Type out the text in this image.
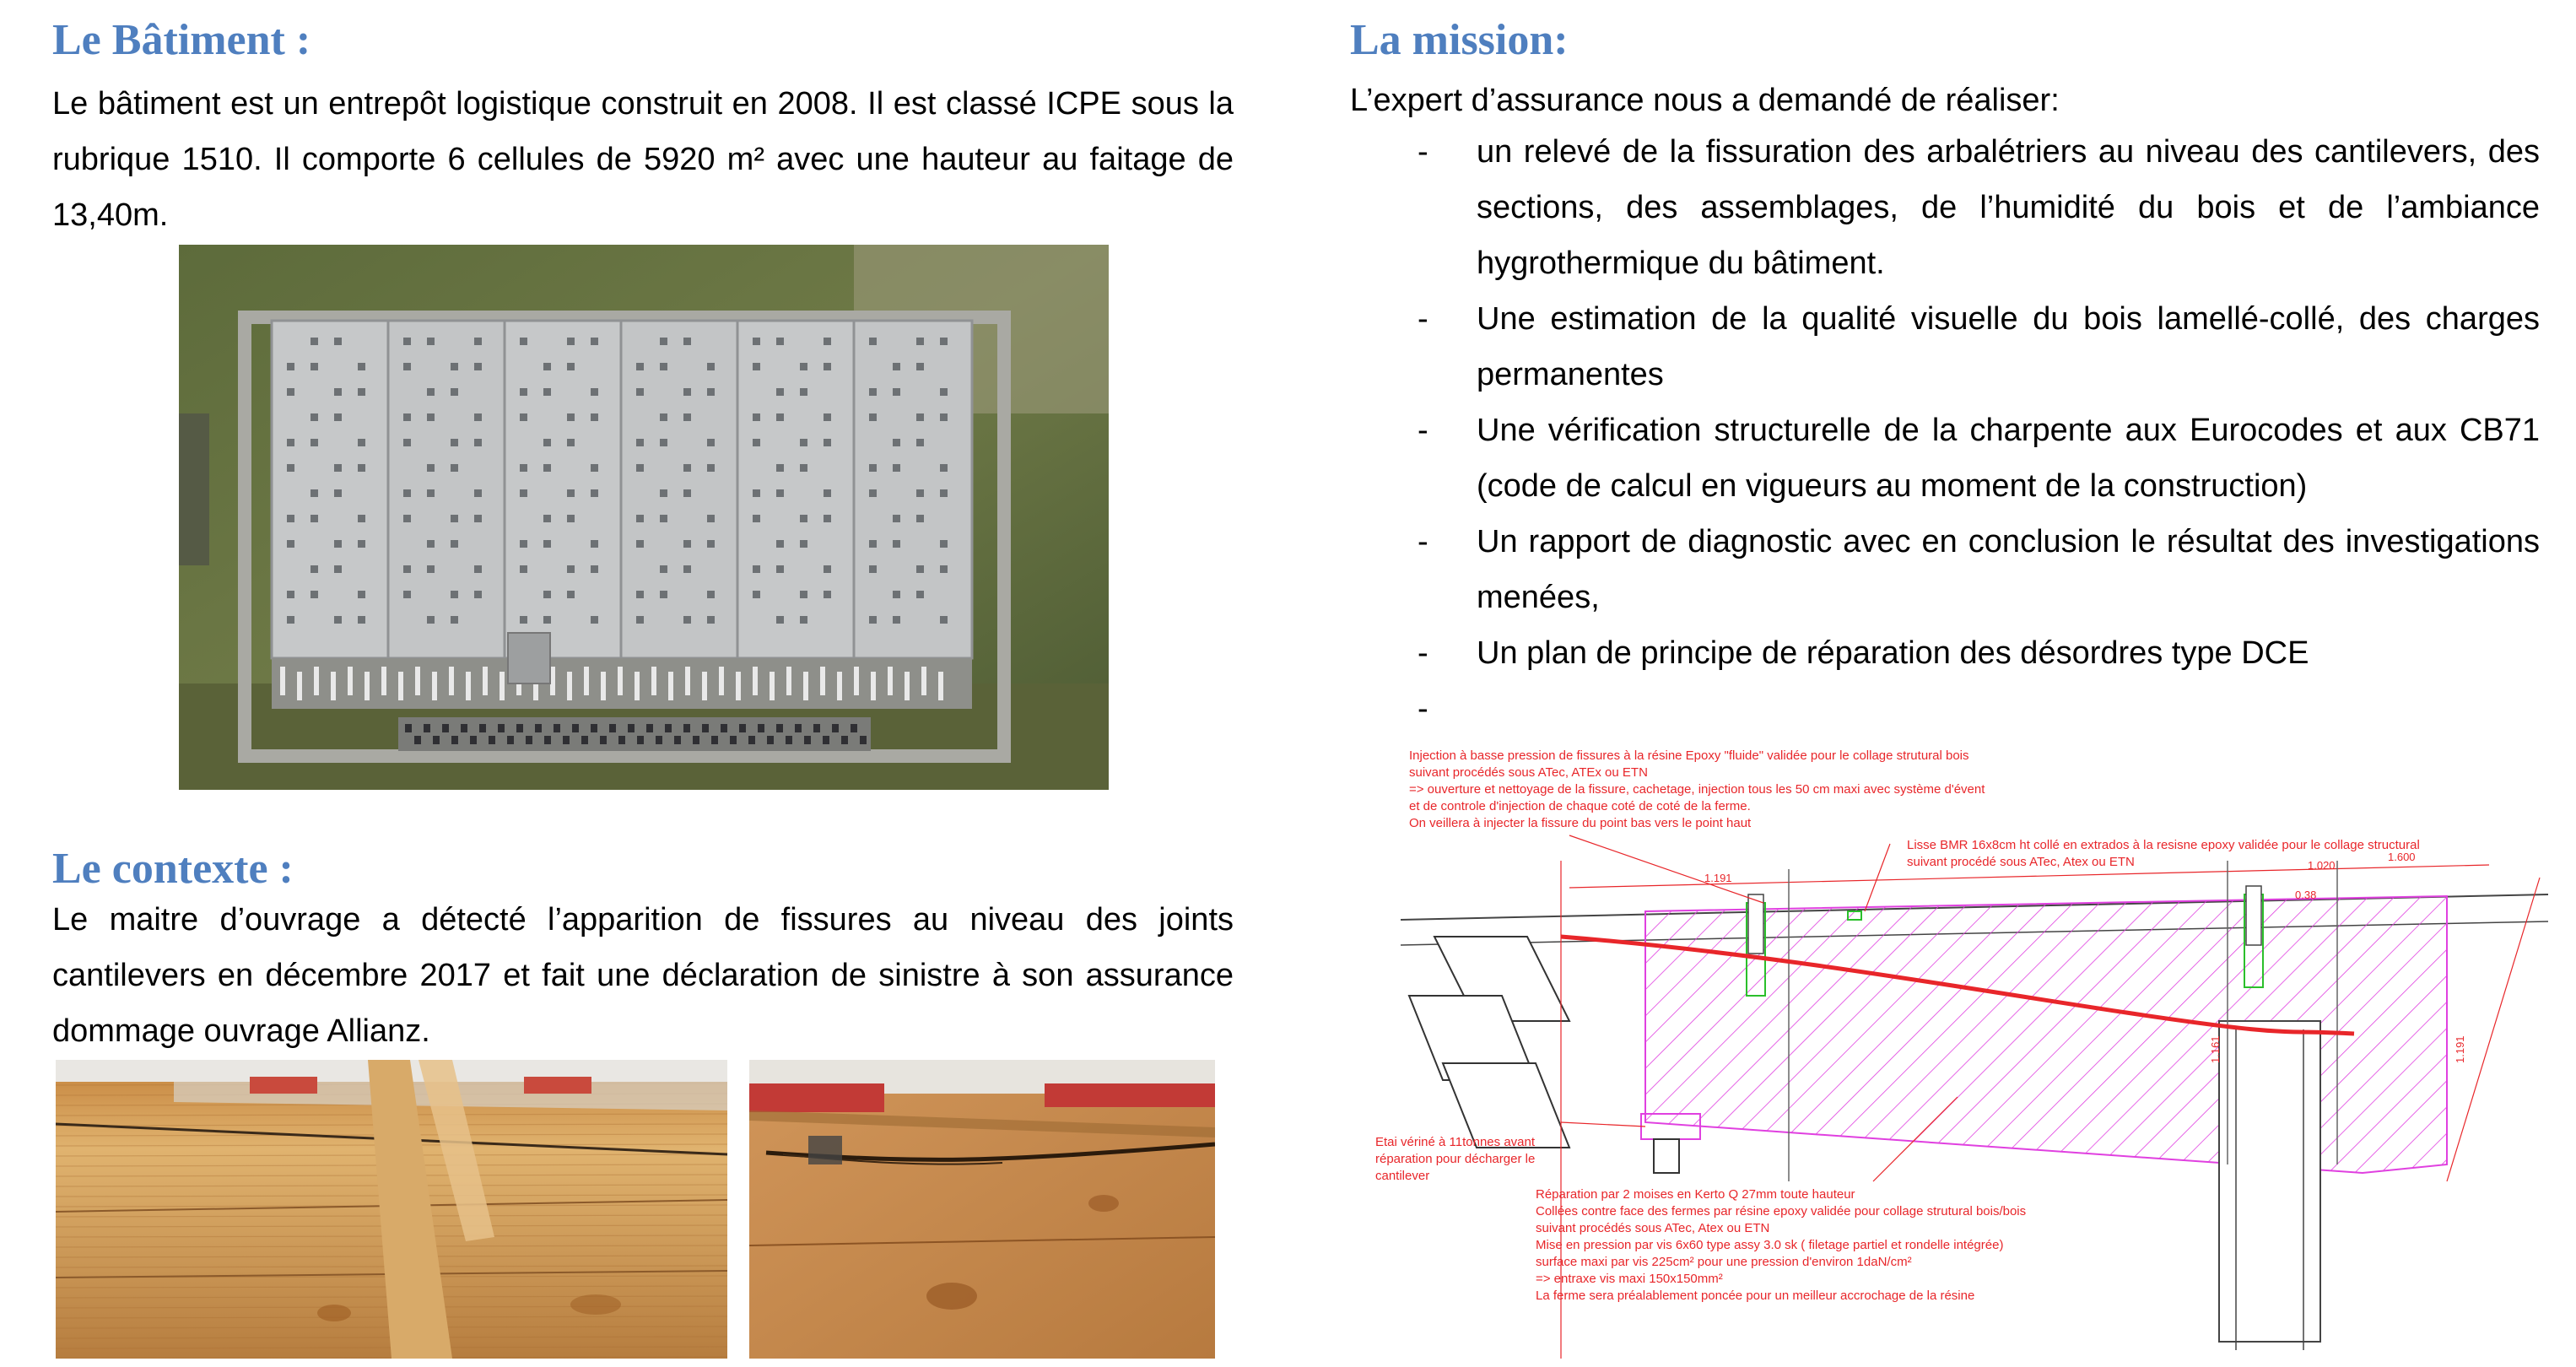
Le Bâtiment :

Le bâtiment est un entrepôt logistique construit en 2008. Il est classé ICPE sous la rubrique 1510. Il comporte 6 cellules de 5920 m² avec une hauteur au faitage de 13,40m.

Le contexte :

Le maitre d’ouvrage a détecté l’apparition de fissures au niveau des joints cantilevers en décembre 2017 et fait une déclaration de sinistre à son assurance dommage ouvrage Allianz.

La mission:

L’expert d’assurance nous a demandé de réaliser:

- un relevé de la fissuration des arbalétriers au niveau des cantilevers, des sections, des assemblages, de l’humidité du bois et de l’ambiance hygrothermique du bâtiment.
- Une estimation de la qualité visuelle du bois lamellé-collé, des charges permanentes
- Une vérification structurelle de la charpente aux Eurocodes et aux CB71 (code de calcul en vigueurs au moment de la construction)
- Un rapport de diagnostic avec en conclusion le résultat des investigations menées,
- Un plan de principe de réparation des désordres type DCE
-
Injection à basse pression de fissures à la résine Epoxy "fluide" validée pour le collage strutural bois
suivant procédés sous ATec, ATEx ou ETN
=> ouverture et nettoyage de la fissure, cachetage, injection tous les 50 cm maxi avec système d'évent
et de controle d'injection de chaque coté de coté de la ferme.
On veillera à injecter la fissure du point bas vers le point haut
Lisse BMR 16x8cm ht collé en extrados à la resisne epoxy validée pour le collage structural
suivant procédé sous ATec, Atex ou ETN
Etai vériné à 11tonnes avant
réparation pour décharger le
cantilever
Réparation par 2 moises en Kerto Q 27mm toute hauteur
Collées contre face des fermes par résine epoxy validée pour collage strutural bois/bois
suivant procédés sous ATec, Atex ou ETN
Mise en pression par vis 6x60 type assy 3.0 sk ( filetage partiel et rondelle intégrée)
surface maxi par vis 225cm² pour une pression d'environ 1daN/cm²
=> entraxe vis maxi 150x150mm²
La ferme sera préalablement poncée pour un meilleur accrochage de la résine
1.191
1.020
1.600
0.38
1.161	1.191
